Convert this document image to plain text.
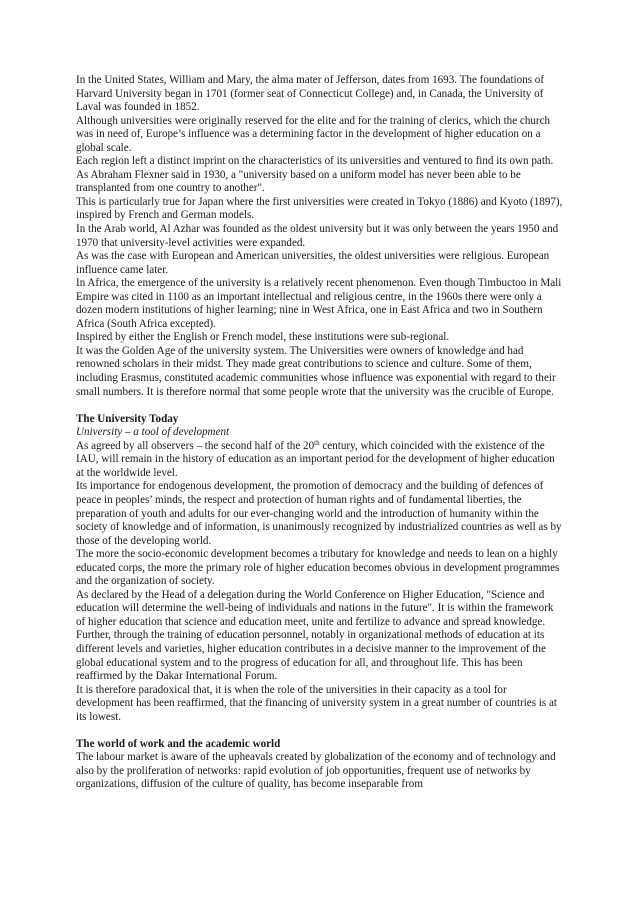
In the United States, William and Mary, the alma mater of Jefferson, dates from 1693. The foundations of Harvard University began in 1701 (former seat of Connecticut College) and, in Canada, the University of Laval was founded in 1852.

Although universities were originally reserved for the elite and for the training of clerics, which the church was in need of, Europe’s influence was a determining factor in the development of higher education on a global scale.

Each region left a distinct imprint on the characteristics of its universities and ventured to find its own path. As Abraham Flexner said in 1930, a "university based on a uniform model has never been able to be transplanted from one country to another".

This is particularly true for Japan where the first universities were created in Tokyo (1886) and Kyoto (1897), inspired by French and German models.

In the Arab world, Al Azhar was founded as the oldest university but it was only between the years 1950 and 1970 that university-level activities were expanded.

As was the case with European and American universities, the oldest universities were religious. European influence came later.

In Africa, the emergence of the university is a relatively recent phenomenon. Even though Timbuctoo in Mali Empire was cited in 1100 as an important intellectual and religious centre, in the 1960s there were only a dozen modern institutions of higher learning; nine in West Africa, one in East Africa and two in Southern Africa (South Africa excepted).

Inspired by either the English or French model, these institutions were sub-regional.

It was the Golden Age of the university system. The Universities were owners of knowledge and had renowned scholars in their midst. They made great contributions to science and culture. Some of them, including Erasmus, constituted academic communities whose influence was exponential with regard to their small numbers. It is therefore normal that some people wrote that the university was the crucible of Europe.

The University Today

University – a tool of development

As agreed by all observers – the second half of the 20th century, which coincided with the existence of the IAU, will remain in the history of education as an important period for the development of higher education at the worldwide level.

Its importance for endogenous development, the promotion of democracy and the building of defences of peace in peoples’ minds, the respect and protection of human rights and of fundamental liberties, the preparation of youth and adults for our ever-changing world and the introduction of humanity within the society of knowledge and of information, is unanimously recognized by industrialized countries as well as by those of the developing world.

The more the socio-economic development becomes a tributary for knowledge and needs to lean on a highly educated corps, the more the primary role of higher education becomes obvious in development programmes and the organization of society.

As declared by the Head of a delegation during the World Conference on Higher Education, "Science and education will determine the well-being of individuals and nations in the future". It is within the framework of higher education that science and education meet, unite and fertilize to advance and spread knowledge.

Further, through the training of education personnel, notably in organizational methods of education at its different levels and varieties, higher education contributes in a decisive manner to the improvement of the global educational system and to the progress of education for all, and throughout life. This has been reaffirmed by the Dakar International Forum.

It is therefore paradoxical that, it is when the role of the universities in their capacity as a tool for development has been reaffirmed, that the financing of university system in a great number of countries is at its lowest.

The world of work and the academic world

The labour market is aware of the upheavals created by globalization of the economy and of technology and also by the proliferation of networks: rapid evolution of job opportunities, frequent use of networks by organizations, diffusion of the culture of quality, has become inseparable from
